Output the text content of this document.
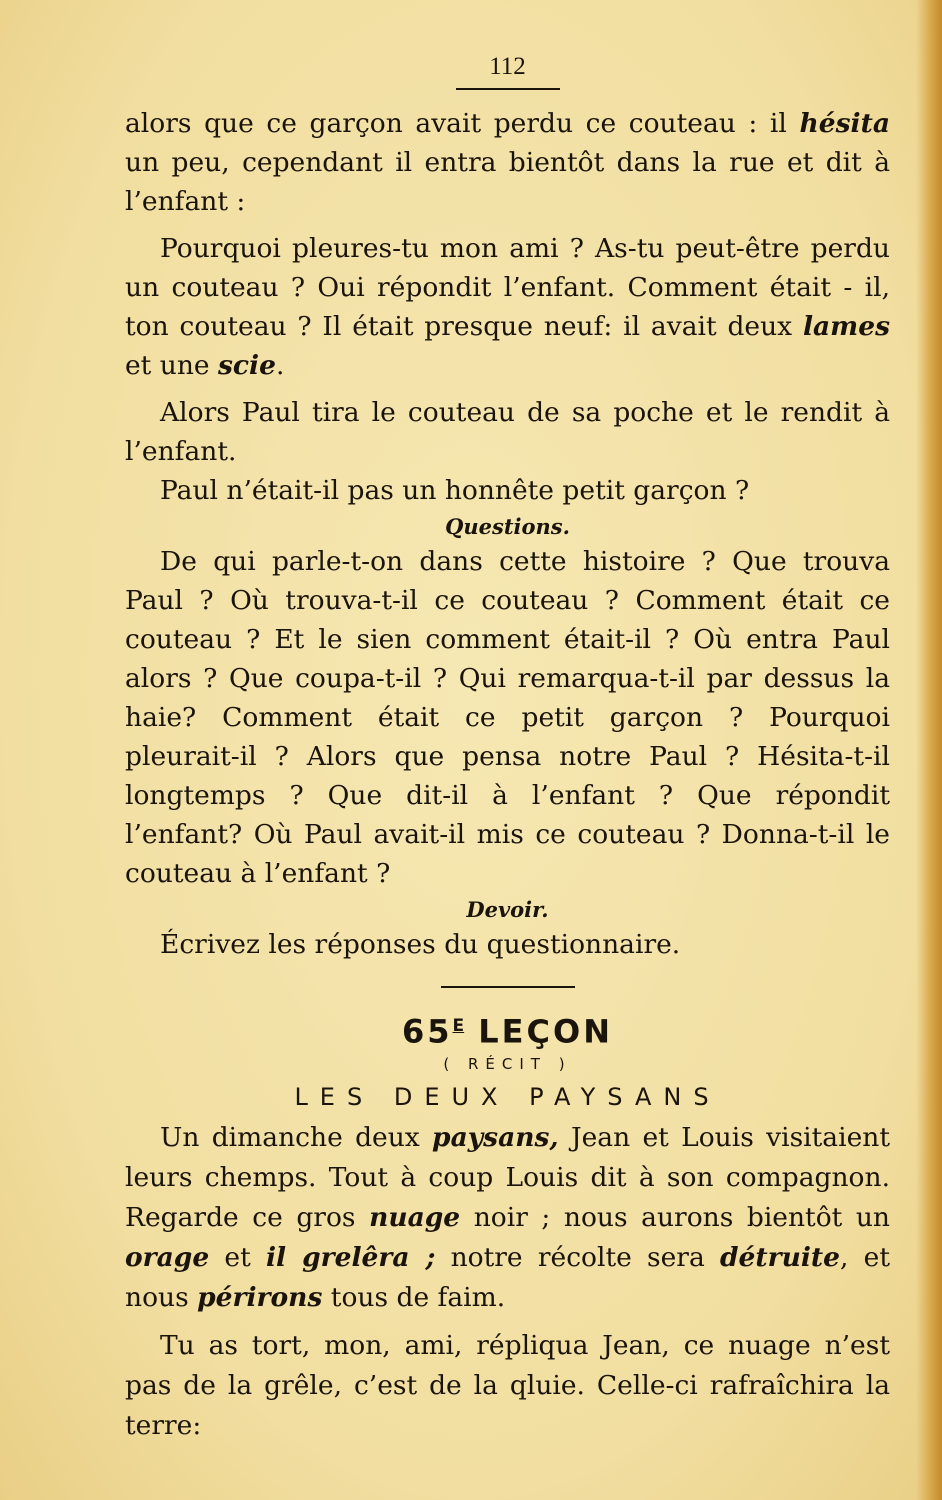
112

alors que ce garçon avait perdu ce couteau : il hésita un peu, cependant il entra bientôt dans la rue et dit à l’enfant :

Pourquoi pleures-tu mon ami ? As-tu peut-être perdu un couteau ? Oui répondit l’enfant. Comment était - il, ton couteau ? Il était presque neuf: il avait deux lames et une scie.

Alors Paul tira le couteau de sa poche et le rendit à l’enfant.

Paul n’était-il pas un honnête petit garçon ?

Questions.

De qui parle-t-on dans cette histoire ? Que trouva Paul ? Où trouva-t-il ce couteau ? Comment était ce couteau ? Et le sien comment était-il ? Où entra Paul alors ? Que coupa-t-il ? Qui remarqua-t-il par dessus la haie? Comment était ce petit garçon ? Pourquoi pleurait-il ? Alors que pensa notre Paul ? Hésita-t-il longtemps ? Que dit-il à l’enfant ? Que répondit l’enfant? Où Paul avait-il mis ce couteau ? Donna-t-il le couteau à l’enfant ?

Devoir.

Écrivez les réponses du questionnaire.

$65^E$ LEÇON
( RÉCIT )
LES DEUX PAYSANS

Un dimanche deux paysans, Jean et Louis visitaient leurs chemps. Tout à coup Louis dit à son compagnon. Regarde ce gros nuage noir ; nous aurons bientôt un orage et il grelêra ; notre récolte sera détruite, et nous périrons tous de faim.

Tu as tort, mon, ami, répliqua Jean, ce nuage n’est pas de la grêle, c’est de la qluie. Celle-ci rafraîchira la terre:
